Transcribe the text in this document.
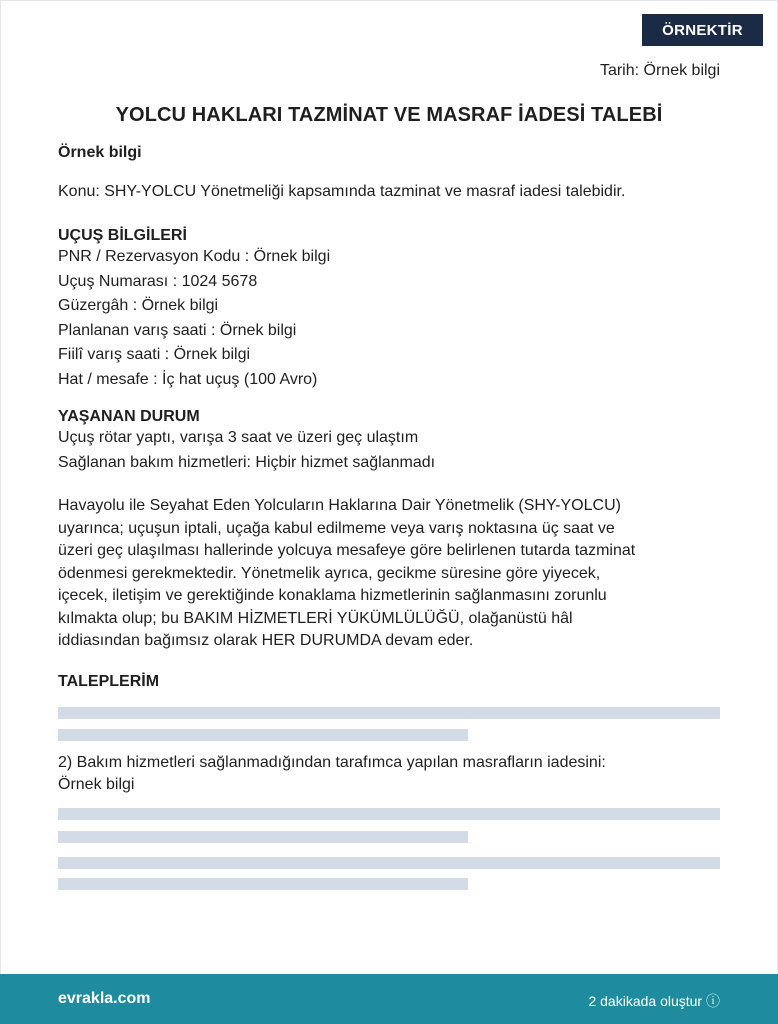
ÖRNEKTİR
Tarih: Örnek bilgi
YOLCU HAKLARI TAZMİNAT VE MASRAF İADESİ TALEBİ
Örnek bilgi
Konu: SHY-YOLCU Yönetmeliği kapsamında tazminat ve masraf iadesi talebidir.
UÇUŞ BİLGİLERİ
PNR / Rezervasyon Kodu : Örnek bilgi
Uçuş Numarası : 1024 5678
Güzergâh : Örnek bilgi
Planlanan varış saati : Örnek bilgi
Fiilî varış saati : Örnek bilgi
Hat / mesafe : İç hat uçuş (100 Avro)
YAŞANAN DURUM
Uçuş rötar yaptı, varışa 3 saat ve üzeri geç ulaştım
Sağlanan bakım hizmetleri: Hiçbir hizmet sağlanmadı
Havayolu ile Seyahat Eden Yolcuların Haklarına Dair Yönetmelik (SHY-YOLCU)
uyarınca; uçuşun iptali, uçağa kabul edilmeme veya varış noktasına üç saat ve
üzeri geç ulaşılması hallerinde yolcuya mesafeye göre belirlenen tutarda tazminat
ödenmesi gerekmektedir. Yönetmelik ayrıca, gecikme süresine göre yiyecek,
içecek, iletişim ve gerektiğinde konaklama hizmetlerinin sağlanmasını zorunlu
kılmakta olup; bu BAKIM HİZMETLERİ YÜKÜMLÜLÜĞÜ, olağanüstü hâl
iddiasından bağımsız olarak HER DURUMDA devam eder.
TALEPLERİM
2) Bakım hizmetleri sağlanmadığından tarafımca yapılan masrafların iadesini:
Örnek bilgi
evrakla.com	2 dakikada oluştur ⓘ
